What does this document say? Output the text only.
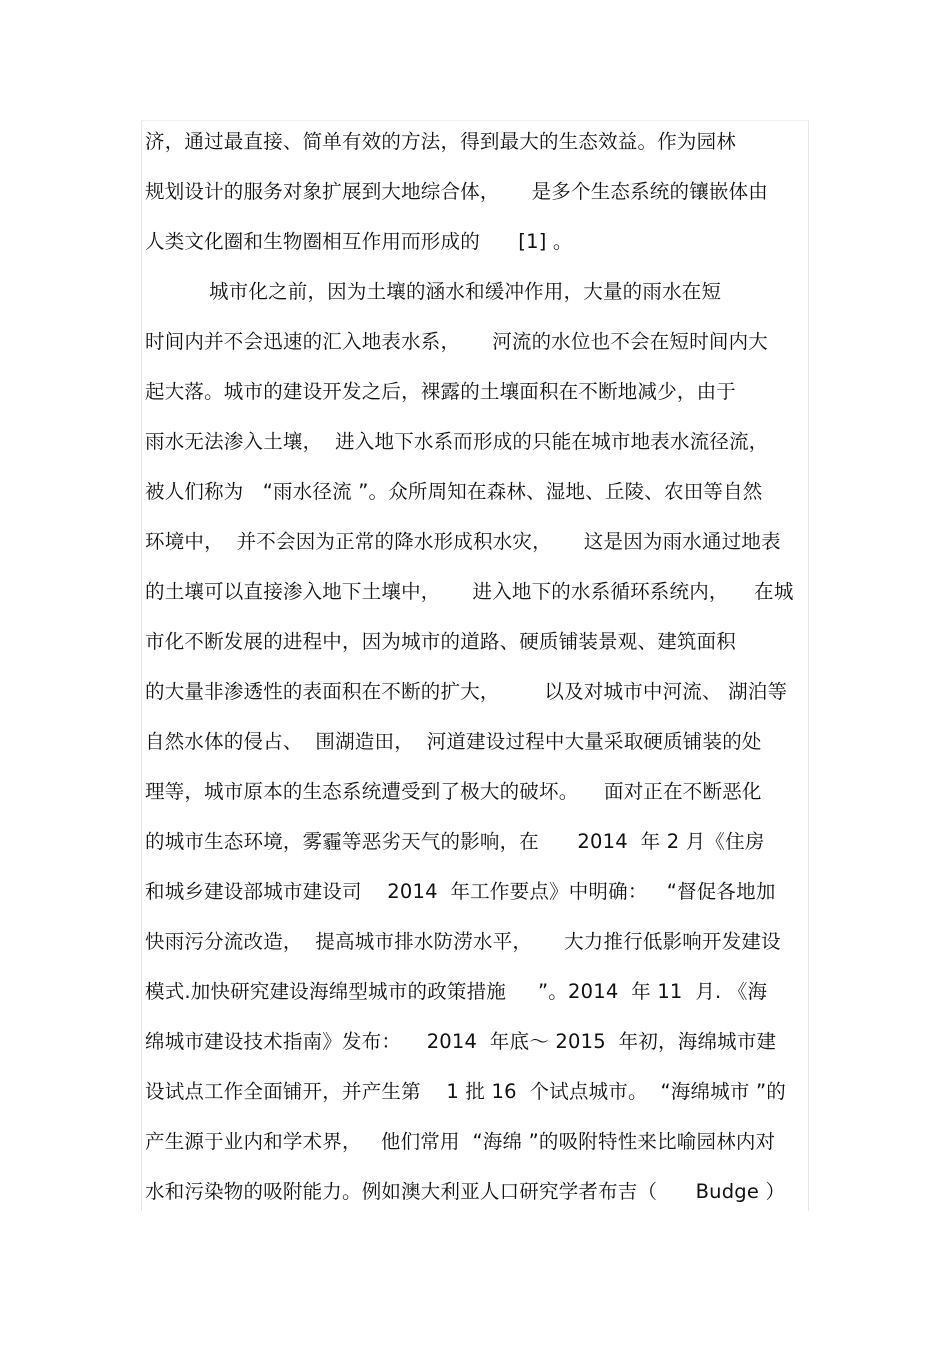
济，通过最直接、简单有效的方法，得到最大的生态效益。作为园林
规划设计的服务对象扩展到大地综合体，     是多个生态系统的镶嵌体由
人类文化圈和生物圈相互作用而形成的      [1] 。
城市化之前，因为土壤的涵水和缓冲作用，大量的雨水在短
时间内并不会迅速的汇入地表水系，     河流的水位也不会在短时间内大
起大落。城市的建设开发之后，裸露的土壤面积在不断地减少，由于
雨水无法渗入土壤，  进入地下水系而形成的只能在城市地表水流径流，
被人们称为   “雨水径流 ”。众所周知在森林、湿地、丘陵、农田等自然
环境中，  并不会因为正常的降水形成积水灾，     这是因为雨水通过地表
的土壤可以直接渗入地下土壤中，     进入地下的水系循环系统内，    在城
市化不断发展的进程中，因为城市的道路、硬质铺装景观、建筑面积
的大量非渗透性的表面积在不断的扩大，       以及对城市中河流、 湖泊等
自然水体的侵占、  围湖造田，  河道建设过程中大量采取硬质铺装的处
理等，城市原本的生态系统遭受到了极大的破坏。    面对正在不断恶化
的城市生态环境，雾霾等恶劣天气的影响，在      2014  年 2 月《住房
和城乡建设部城市建设司    2014  年工作要点》中明确：   “督促各地加
快雨污分流改造，  提高城市排水防涝水平，     大力推行低影响开发建设
模式.加快研究建设海绵型城市的政策措施     ”。2014  年 11  月. 《海
绵城市建设技术指南》发布：    2014  年底～ 2015  年初，海绵城市建
设试点工作全面铺开，并产生第    1 批 16  个试点城市。  “海绵城市 ”的
产生源于业内和学术界，   他们常用  “海绵 ”的吸附特性来比喻园林内对
水和污染物的吸附能力。例如澳大利亚人口研究学者布吉（      Budge ）
